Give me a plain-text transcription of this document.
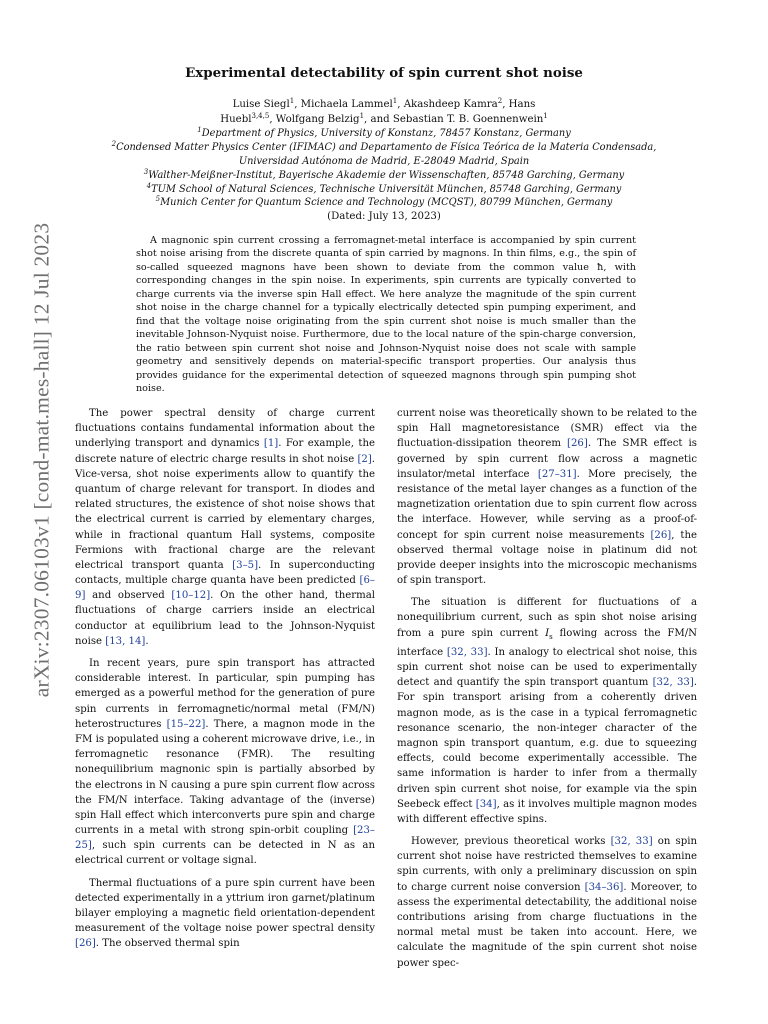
arXiv:2307.06103v1 [cond-mat.mes-hall] 12 Jul 2023
Experimental detectability of spin current shot noise
Luise Siegl$^1$, Michaela Lammel$^1$, Akashdeep Kamra$^2$, Hans
Huebl$^{3,4,5}$, Wolfgang Belzig$^1$, and Sebastian T. B. Goennenwein$^1$
$^1$Department of Physics, University of Konstanz, 78457 Konstanz, Germany
$^2$Condensed Matter Physics Center (IFIMAC) and Departamento de Física Teórica de la Materia Condensada,
Universidad Autónoma de Madrid, E-28049 Madrid, Spain
$^3$Walther-Meißner-Institut, Bayerische Akademie der Wissenschaften, 85748 Garching, Germany
$^4$TUM School of Natural Sciences, Technische Universität München, 85748 Garching, Germany
$^5$Munich Center for Quantum Science and Technology (MCQST), 80799 München, Germany
(Dated: July 13, 2023)

A magnonic spin current crossing a ferromagnet-metal interface is accompanied by spin current shot noise arising from the discrete quanta of spin carried by magnons. In thin films, e.g., the spin of so-called squeezed magnons have been shown to deviate from the common value ħ, with corresponding changes in the spin noise. In experiments, spin currents are typically converted to charge currents via the inverse spin Hall effect. We here analyze the magnitude of the spin current shot noise in the charge channel for a typically electrically detected spin pumping experiment, and find that the voltage noise originating from the spin current shot noise is much smaller than the inevitable Johnson-Nyquist noise. Furthermore, due to the local nature of the spin-charge conversion, the ratio between spin current shot noise and Johnson-Nyquist noise does not scale with sample geometry and sensitively depends on material-specific transport properties. Our analysis thus provides guidance for the experimental detection of squeezed magnons through spin pumping shot noise.

The power spectral density of charge current fluctuations contains fundamental information about the underlying transport and dynamics [1]. For example, the discrete nature of electric charge results in shot noise [2]. Vice-versa, shot noise experiments allow to quantify the quantum of charge relevant for transport. In diodes and related structures, the existence of shot noise shows that the electrical current is carried by elementary charges, while in fractional quantum Hall systems, composite Fermions with fractional charge are the relevant electrical transport quanta [3–5]. In superconducting contacts, multiple charge quanta have been predicted [6–9] and observed [10–12]. On the other hand, thermal fluctuations of charge carriers inside an electrical conductor at equilibrium lead to the Johnson-Nyquist noise [13, 14].

In recent years, pure spin transport has attracted considerable interest. In particular, spin pumping has emerged as a powerful method for the generation of pure spin currents in ferromagnetic/normal metal (FM/N) heterostructures [15–22]. There, a magnon mode in the FM is populated using a coherent microwave drive, i.e., in ferromagnetic resonance (FMR). The resulting nonequilibrium magnonic spin is partially absorbed by the electrons in N causing a pure spin current flow across the FM/N interface. Taking advantage of the (inverse) spin Hall effect which interconverts pure spin and charge currents in a metal with strong spin-orbit coupling [23–25], such spin currents can be detected in N as an electrical current or voltage signal.

Thermal fluctuations of a pure spin current have been detected experimentally in a yttrium iron garnet/platinum bilayer employing a magnetic field orientation-dependent measurement of the voltage noise power spectral density [26]. The observed thermal spin

current noise was theoretically shown to be related to the spin Hall magnetoresistance (SMR) effect via the fluctuation-dissipation theorem [26]. The SMR effect is governed by spin current flow across a magnetic insulator/metal interface [27–31]. More precisely, the resistance of the metal layer changes as a function of the magnetization orientation due to spin current flow across the interface. However, while serving as a proof-of-concept for spin current noise measurements [26], the observed thermal voltage noise in platinum did not provide deeper insights into the microscopic mechanisms of spin transport.

The situation is different for fluctuations of a nonequilibrium current, such as spin shot noise arising from a pure spin current $I_s$ flowing across the FM/N interface [32, 33]. In analogy to electrical shot noise, this spin current shot noise can be used to experimentally detect and quantify the spin transport quantum [32, 33]. For spin transport arising from a coherently driven magnon mode, as is the case in a typical ferromagnetic resonance scenario, the non-integer character of the magnon spin transport quantum, e.g. due to squeezing effects, could become experimentally accessible. The same information is harder to infer from a thermally driven spin current shot noise, for example via the spin Seebeck effect [34], as it involves multiple magnon modes with different effective spins.

However, previous theoretical works [32, 33] on spin current shot noise have restricted themselves to examine spin currents, with only a preliminary discussion on spin to charge current noise conversion [34–36]. Moreover, to assess the experimental detectability, the additional noise contributions arising from charge fluctuations in the normal metal must be taken into account. Here, we calculate the magnitude of the spin current shot noise power spec-
